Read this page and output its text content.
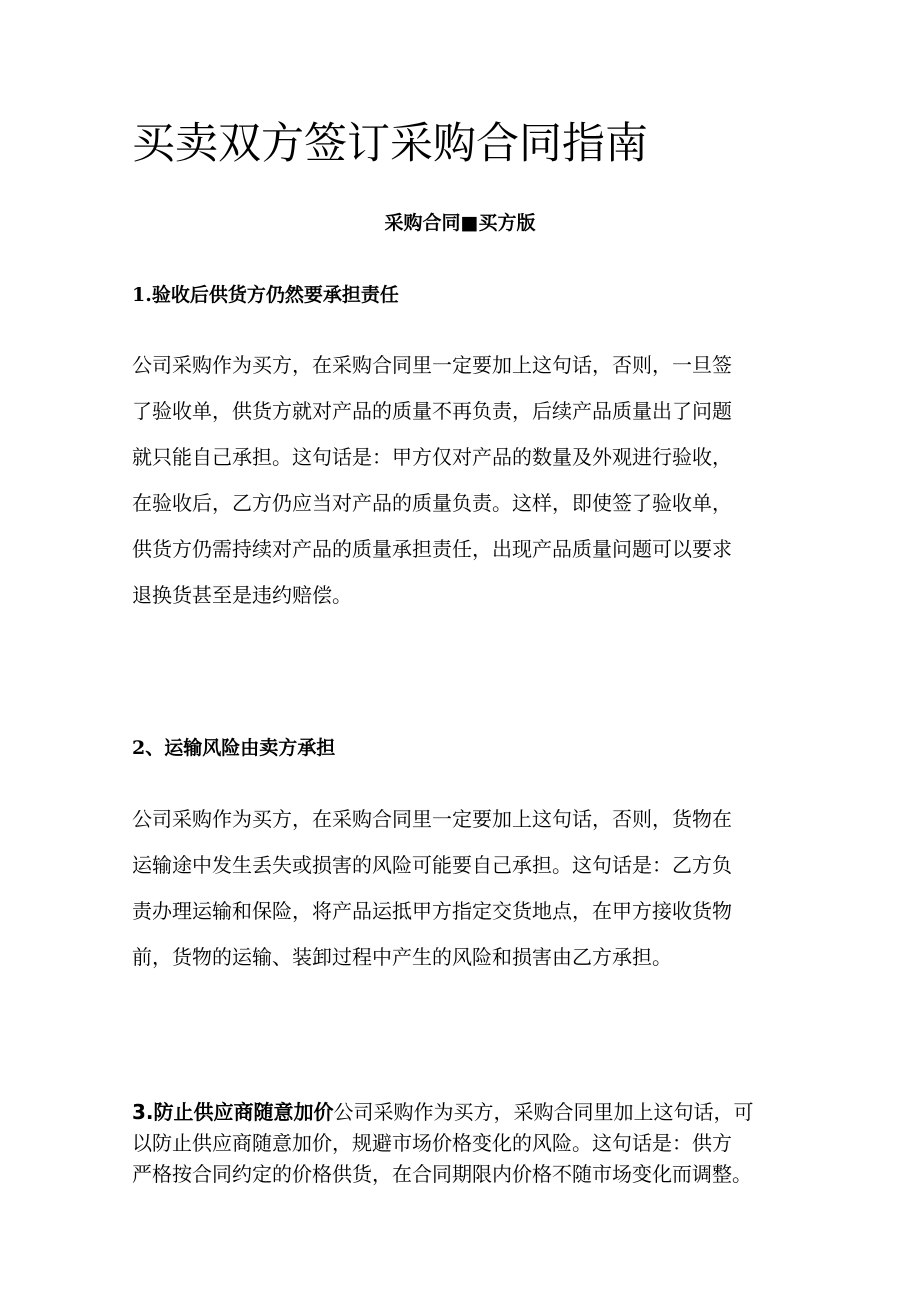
买卖双方签订采购合同指南
采购合同■买方版
1.验收后供货方仍然要承担责任
公司采购作为买方，在采购合同里一定要加上这句话，否则，一旦签
了验收单，供货方就对产品的质量不再负责，后续产品质量出了问题
就只能自己承担。这句话是：甲方仅对产品的数量及外观进行验收，
在验收后，乙方仍应当对产品的质量负责。这样，即使签了验收单，
供货方仍需持续对产品的质量承担责任，出现产品质量问题可以要求
退换货甚至是违约赔偿。
2、运输风险由卖方承担
公司采购作为买方，在采购合同里一定要加上这句话，否则，货物在
运输途中发生丢失或损害的风险可能要自己承担。这句话是：乙方负
责办理运输和保险，将产品运抵甲方指定交货地点，在甲方接收货物
前，货物的运输、装卸过程中产生的风险和损害由乙方承担。
3.防止供应商随意加价公司采购作为买方，采购合同里加上这句话，可
以防止供应商随意加价，规避市场价格变化的风险。这句话是：供方
严格按合同约定的价格供货，在合同期限内价格不随市场变化而调整。
